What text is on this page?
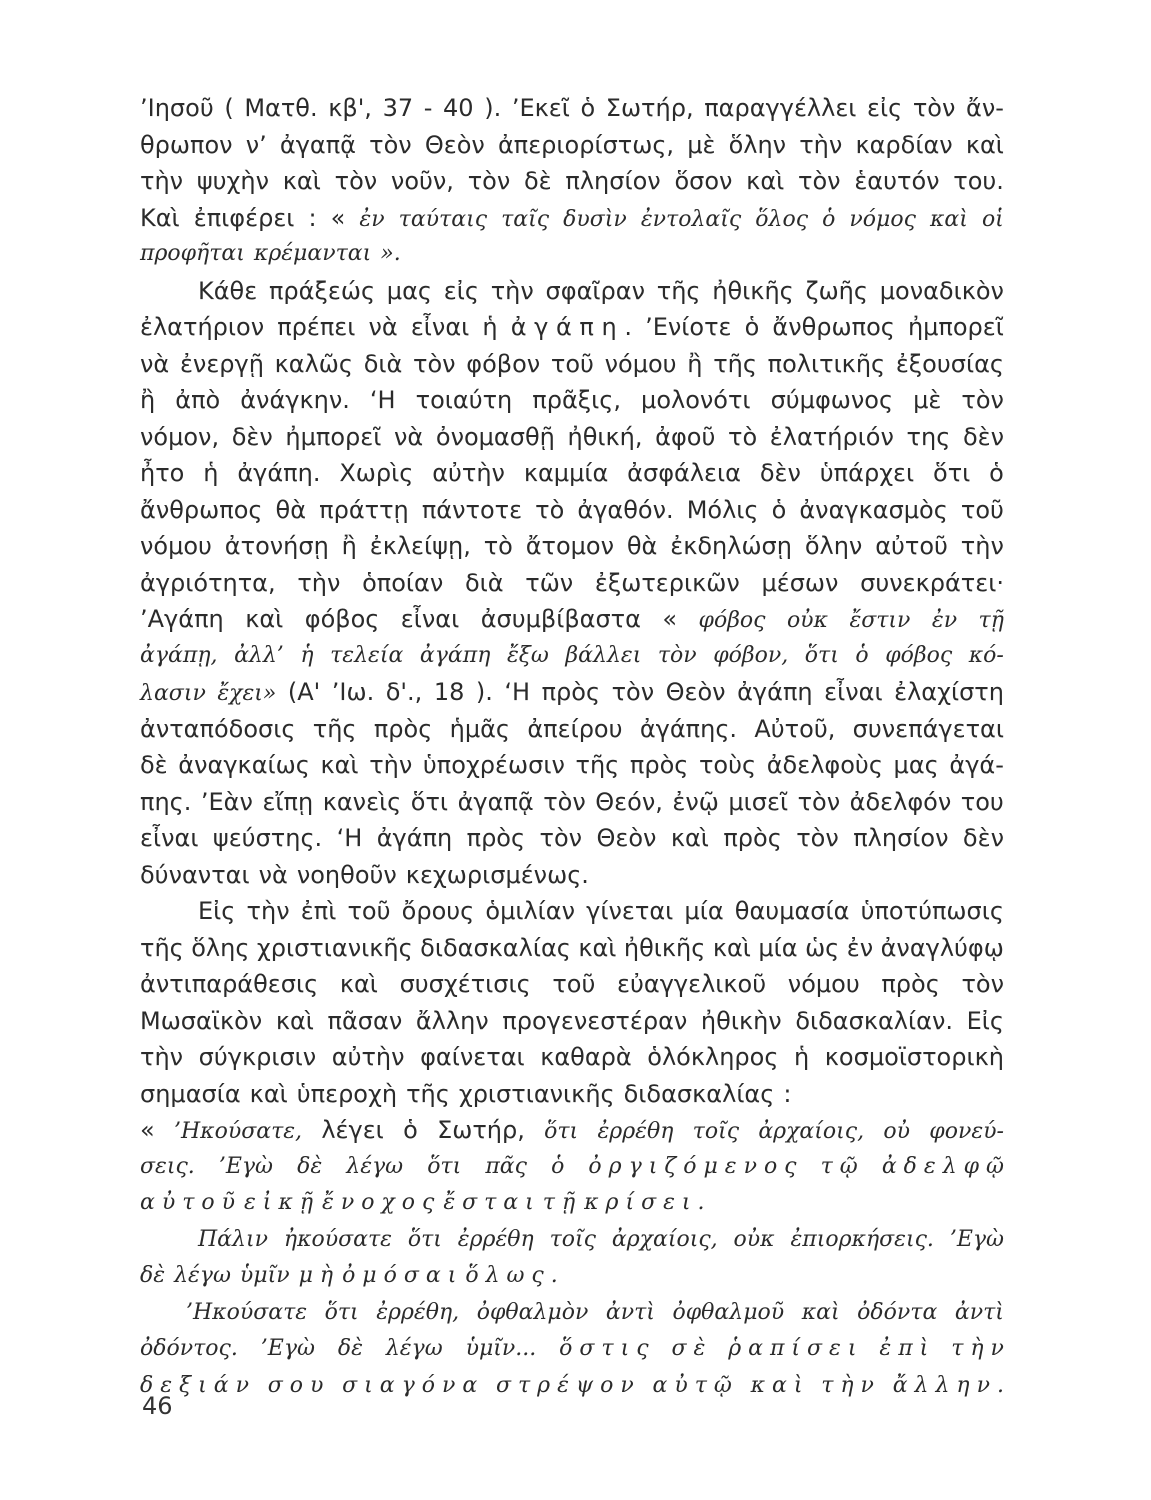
’Ιησοῦ ( Ματθ. κβ', 37 - 40 ). ’Εκεῖ ὁ Σωτήρ, παραγγέλλει εἰς τὸν ἄν-
θρωπον ν’ ἀγαπᾷ τὸν Θεὸν ἀπεριορίστως, μὲ ὅλην τὴν καρδίαν καὶ
τὴν ψυχὴν καὶ τὸν νοῦν, τὸν δὲ πλησίον ὅσον καὶ τὸν ἑαυτόν του.
Καὶ ἐπιφέρει : « ἐν ταύταις ταῖς δυσὶν ἐντολαῖς ὅλος ὁ νόμος καὶ οἱ
προφῆται κρέμανται ».
Κάθε πράξεώς μας εἰς τὴν σφαῖραν τῆς ἠθικῆς ζωῆς μοναδικὸν
ἐλατήριον πρέπει νὰ εἶναι ἡ ἀ γ ά π η . ’Ενίοτε ὁ ἄνθρωπος ἠμπορεῖ
νὰ ἐνεργῇ καλῶς διὰ τὸν φόβον τοῦ νόμου ἢ τῆς πολιτικῆς ἐξουσίας
ἢ ἀπὸ ἀνάγκην. ‘Η τοιαύτη πρᾶξις, μολονότι σύμφωνος μὲ τὸν
νόμον, δὲν ἠμπορεῖ νὰ ὀνομασθῇ ἠθική, ἀφοῦ τὸ ἐλατήριόν της δὲν
ἦτο ἡ ἀγάπη. Χωρὶς αὐτὴν καμμία ἀσφάλεια δὲν ὑπάρχει ὅτι ὁ
ἄνθρωπος θὰ πράττῃ πάντοτε τὸ ἀγαθόν. Μόλις ὁ ἀναγκασμὸς τοῦ
νόμου ἀτονήσῃ ἢ ἐκλείψῃ, τὸ ἄτομον θὰ ἐκδηλώσῃ ὅλην αὐτοῦ τὴν
ἀγριότητα, τὴν ὁποίαν διὰ τῶν ἐξωτερικῶν μέσων συνεκράτει·
’Αγάπη καὶ φόβος εἶναι ἀσυμβίβαστα « φόβος οὐκ ἔστιν ἐν τῇ
ἀγάπῃ, ἀλλ’ ἡ τελεία ἀγάπη ἔξω βάλλει τὸν φόβον, ὅτι ὁ φόβος κό-
λασιν ἔχει» (Α' ’Ιω. δ'., 18 ). ‘Η πρὸς τὸν Θεὸν ἀγάπη εἶναι ἐλαχίστη
ἀνταπόδοσις τῆς πρὸς ἡμᾶς ἀπείρου ἀγάπης. Αὐτοῦ, συνεπάγεται
δὲ ἀναγκαίως καὶ τὴν ὑποχρέωσιν τῆς πρὸς τοὺς ἀδελφοὺς μας ἀγά-
πης. ’Εὰν εἴπῃ κανεὶς ὅτι ἀγαπᾷ τὸν Θεόν, ἐνῷ μισεῖ τὸν ἀδελφόν του
εἶναι ψεύστης. ‘Η ἀγάπη πρὸς τὸν Θεὸν καὶ πρὸς τὸν πλησίον δὲν
δύνανται νὰ νοηθοῦν κεχωρισμένως.
Εἰς τὴν ἐπὶ τοῦ ὄρους ὁμιλίαν γίνεται μία θαυμασία ὑποτύπωσις
τῆς ὅλης χριστιανικῆς διδασκαλίας καὶ ἠθικῆς καὶ μία ὡς ἐν ἀναγλύφῳ
ἀντιπαράθεσις καὶ συσχέτισις τοῦ εὐαγγελικοῦ νόμου πρὸς τὸν
Μωσαϊκὸν καὶ πᾶσαν ἄλλην προγενεστέραν ἠθικὴν διδασκαλίαν. Εἰς
τὴν σύγκρισιν αὐτὴν φαίνεται καθαρὰ ὁλόκληρος ἡ κοσμοϊστορικὴ
σημασία καὶ ὑπεροχὴ τῆς χριστιανικῆς διδασκαλίας :
« ’Ηκούσατε, λέγει ὁ Σωτήρ, ὅτι ἐρρέθη τοῖς ἀρχαίοις, οὐ φονεύ-
σεις. ’Εγὼ δὲ λέγω ὅτι πᾶς ὁ ὀ ρ γ ι ζ ό μ ε ν ο ς τ ῷ ἀ δ ε λ φ ῷ
α ὐ τ ο ῦ ε ἰ κ ῇ ἔ ν ο χ ο ς ἔ σ τ α ι τ ῇ κ ρ ί σ ε ι .
Πάλιν ἠκούσατε ὅτι ἐρρέθη τοῖς ἀρχαίοις, οὐκ ἐπιορκήσεις. ’Εγὼ
δὲ λέγω ὑμῖν μ ὴ ὀ μ ό σ α ι ὅ λ ω ς .
’Ηκούσατε ὅτι ἐρρέθη, ὀφθαλμὸν ἀντὶ ὀφθαλμοῦ καὶ ὀδόντα ἀντὶ
ὀδόντος. ’Εγὼ δὲ λέγω ὑμῖν... ὅ σ τ ι ς σ ὲ ῥ α π ί σ ε ι ἐ π ὶ τ ὴ ν
δ ε ξ ι ά ν σ ο υ σ ι α γ ό ν α σ τ ρ έ ψ ο ν α ὐ τ ῷ κ α ὶ τ ὴ ν ἄ λ λ η ν .
46
